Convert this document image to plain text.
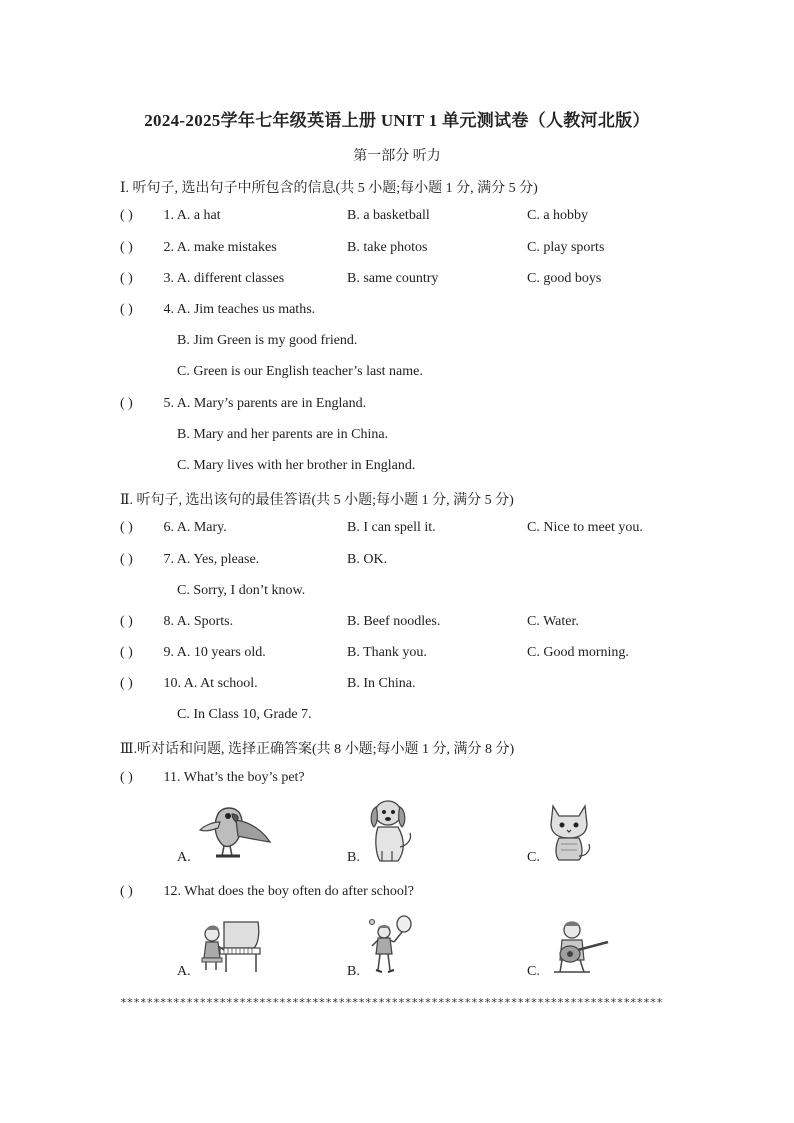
2024-2025学年七年级英语上册 UNIT 1 单元测试卷（人教河北版）
第一部分 听力
Ⅰ. 听句子, 选出句子中所包含的信息(共 5 小题;每小题 1 分, 满分 5 分)
( ) 1. A. a hat	B. a basketball	C. a hobby
( ) 2. A. make mistakes	B. take photos	C. play sports
( ) 3. A. different classes	B. same country	C. good boys
( ) 4. A. Jim teaches us maths.
B. Jim Green is my good friend.
C. Green is our English teacher’s last name.
( ) 5. A. Mary’s parents are in England.
B. Mary and her parents are in China.
C. Mary lives with her brother in England.
Ⅱ. 听句子, 选出该句的最佳答语(共 5 小题;每小题 1 分, 满分 5 分)
( ) 6. A. Mary.	B. I can spell it.	C. Nice to meet you.
( ) 7. A. Yes, please.	B. OK.
C. Sorry, I don’t know.
( ) 8. A. Sports.	B. Beef noodles.	C. Water.
( ) 9. A. 10 years old.	B. Thank you.	C. Good morning.
( ) 10. A. At school.	B. In China.
C. In Class 10, Grade 7.
Ⅲ.听对话和问题, 选择正确答案(共 8 小题;每小题 1 分, 满分 8 分)
( ) 11. What’s the boy’s pet?
A.	B.	C.
( ) 12. What does the boy often do after school?
A.	B.	C.
**********************************************************************************
